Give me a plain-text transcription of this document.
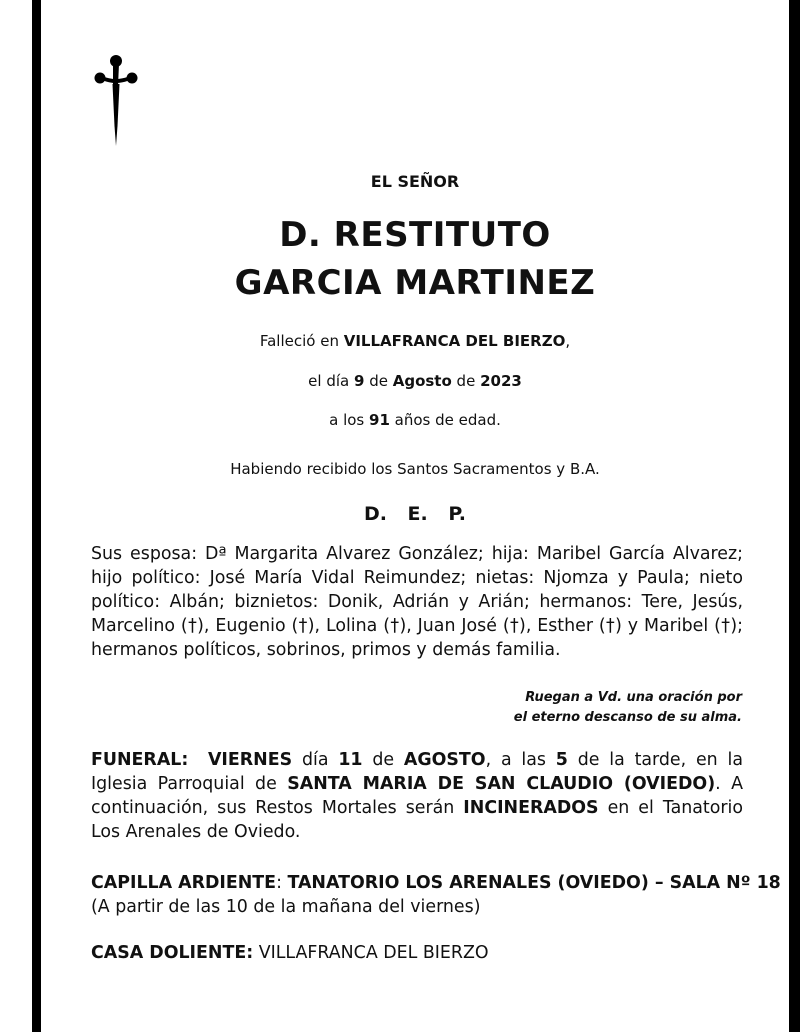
EL SEÑOR
D. RESTITUTO
GARCIA MARTINEZ
Falleció en VILLAFRANCA DEL BIERZO,
el día 9 de Agosto de 2023
a los 91 años de edad.
Habiendo recibido los Santos Sacramentos y B.A.
D. E. P.

Sus esposa: Dª Margarita Alvarez González; hija: Maribel García Alvarez; hijo político: José María Vidal Reimundez; nietas: Njomza y Paula; nieto político: Albán; biznietos: Donik, Adrián y Arián; hermanos: Tere, Jesús, Marcelino (†), Eugenio (†), Lolina (†), Juan José (†), Esther (†) y Maribel (†); hermanos políticos, sobrinos, primos y demás familia.

Ruegan a Vd. una oración por
el eterno descanso de su alma.

FUNERAL: VIERNES día 11 de AGOSTO, a las 5 de la tarde, en la Iglesia Parroquial de SANTA MARIA DE SAN CLAUDIO (OVIEDO). A continuación, sus Restos Mortales serán INCINERADOS en el Tanatorio Los Arenales de Oviedo.

CAPILLA ARDIENTE: TANATORIO LOS ARENALES (OVIEDO) – SALA Nº 18
(A partir de las 10 de la mañana del viernes)
CASA DOLIENTE: VILLAFRANCA DEL BIERZO
